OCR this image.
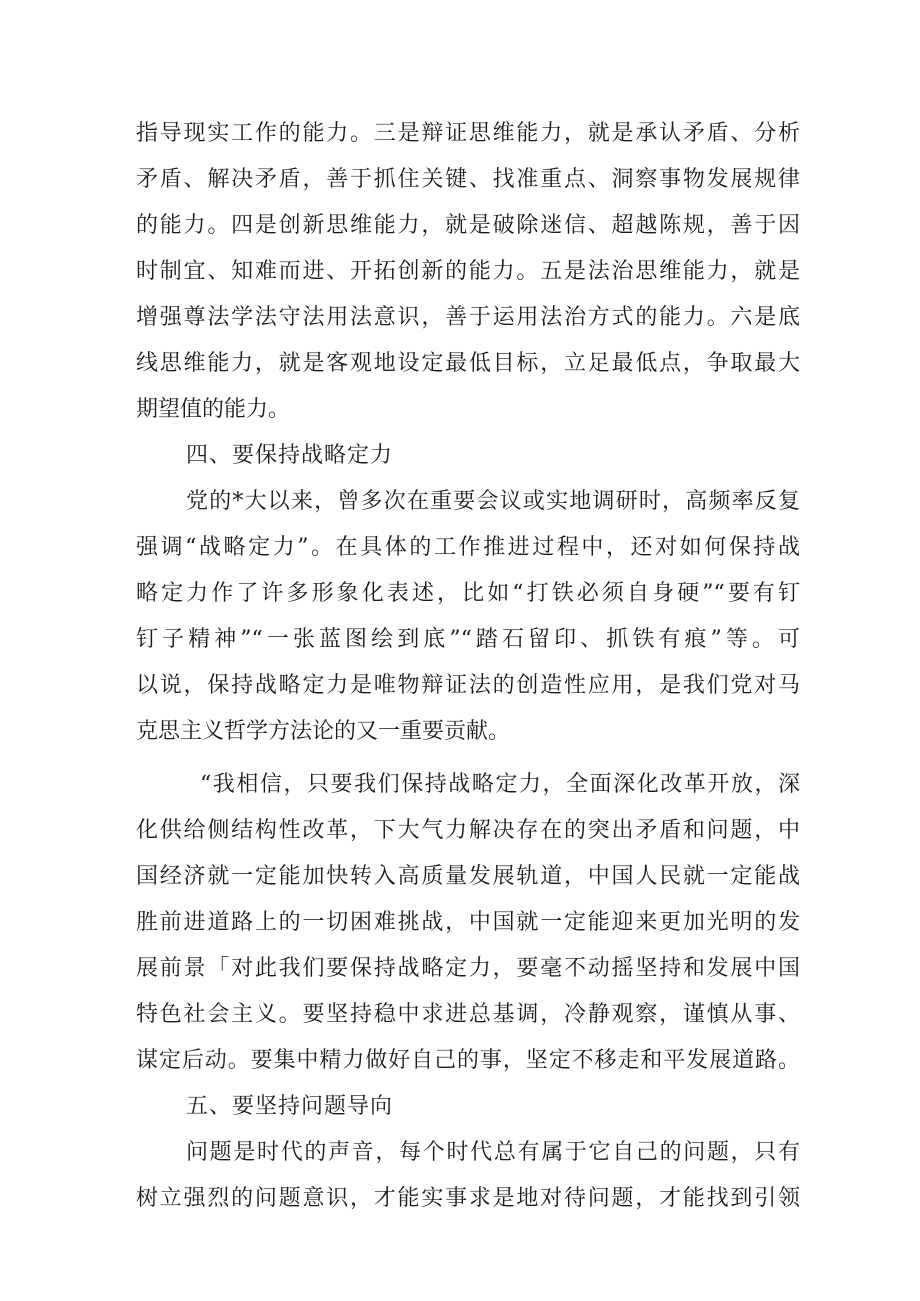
指导现实工作的能力。三是辩证思维能力，就是承认矛盾、分析
矛盾、解决矛盾，善于抓住关键、找准重点、洞察事物发展规律
的能力。四是创新思维能力，就是破除迷信、超越陈规，善于因
时制宜、知难而进、开拓创新的能力。五是法治思维能力，就是
增强尊法学法守法用法意识，善于运用法治方式的能力。六是底
线思维能力，就是客观地设定最低目标，立足最低点，争取最大
期望值的能力。
四、要保持战略定力
党的*大以来，曾多次在重要会议或实地调研时，高频率反复
强调“战略定力”。在具体的工作推进过程中，还对如何保持战
略定力作了许多形象化表述，比如“打铁必须自身硬”“要有钉
钉子精神”“一张蓝图绘到底”“踏石留印、抓铁有痕”等。可
以说，保持战略定力是唯物辩证法的创造性应用，是我们党对马
克思主义哲学方法论的又一重要贡献。
“我相信，只要我们保持战略定力，全面深化改革开放，深
化供给侧结构性改革，下大气力解决存在的突出矛盾和问题，中
国经济就一定能加快转入高质量发展轨道，中国人民就一定能战
胜前进道路上的一切困难挑战，中国就一定能迎来更加光明的发
展前景「对此我们要保持战略定力，要毫不动摇坚持和发展中国
特色社会主义。要坚持稳中求进总基调，冷静观察，谨慎从事、
谋定后动。要集中精力做好自己的事，坚定不移走和平发展道路。
五、要坚持问题导向
问题是时代的声音，每个时代总有属于它自己的问题，只有
树立强烈的问题意识，才能实事求是地对待问题，才能找到引领
